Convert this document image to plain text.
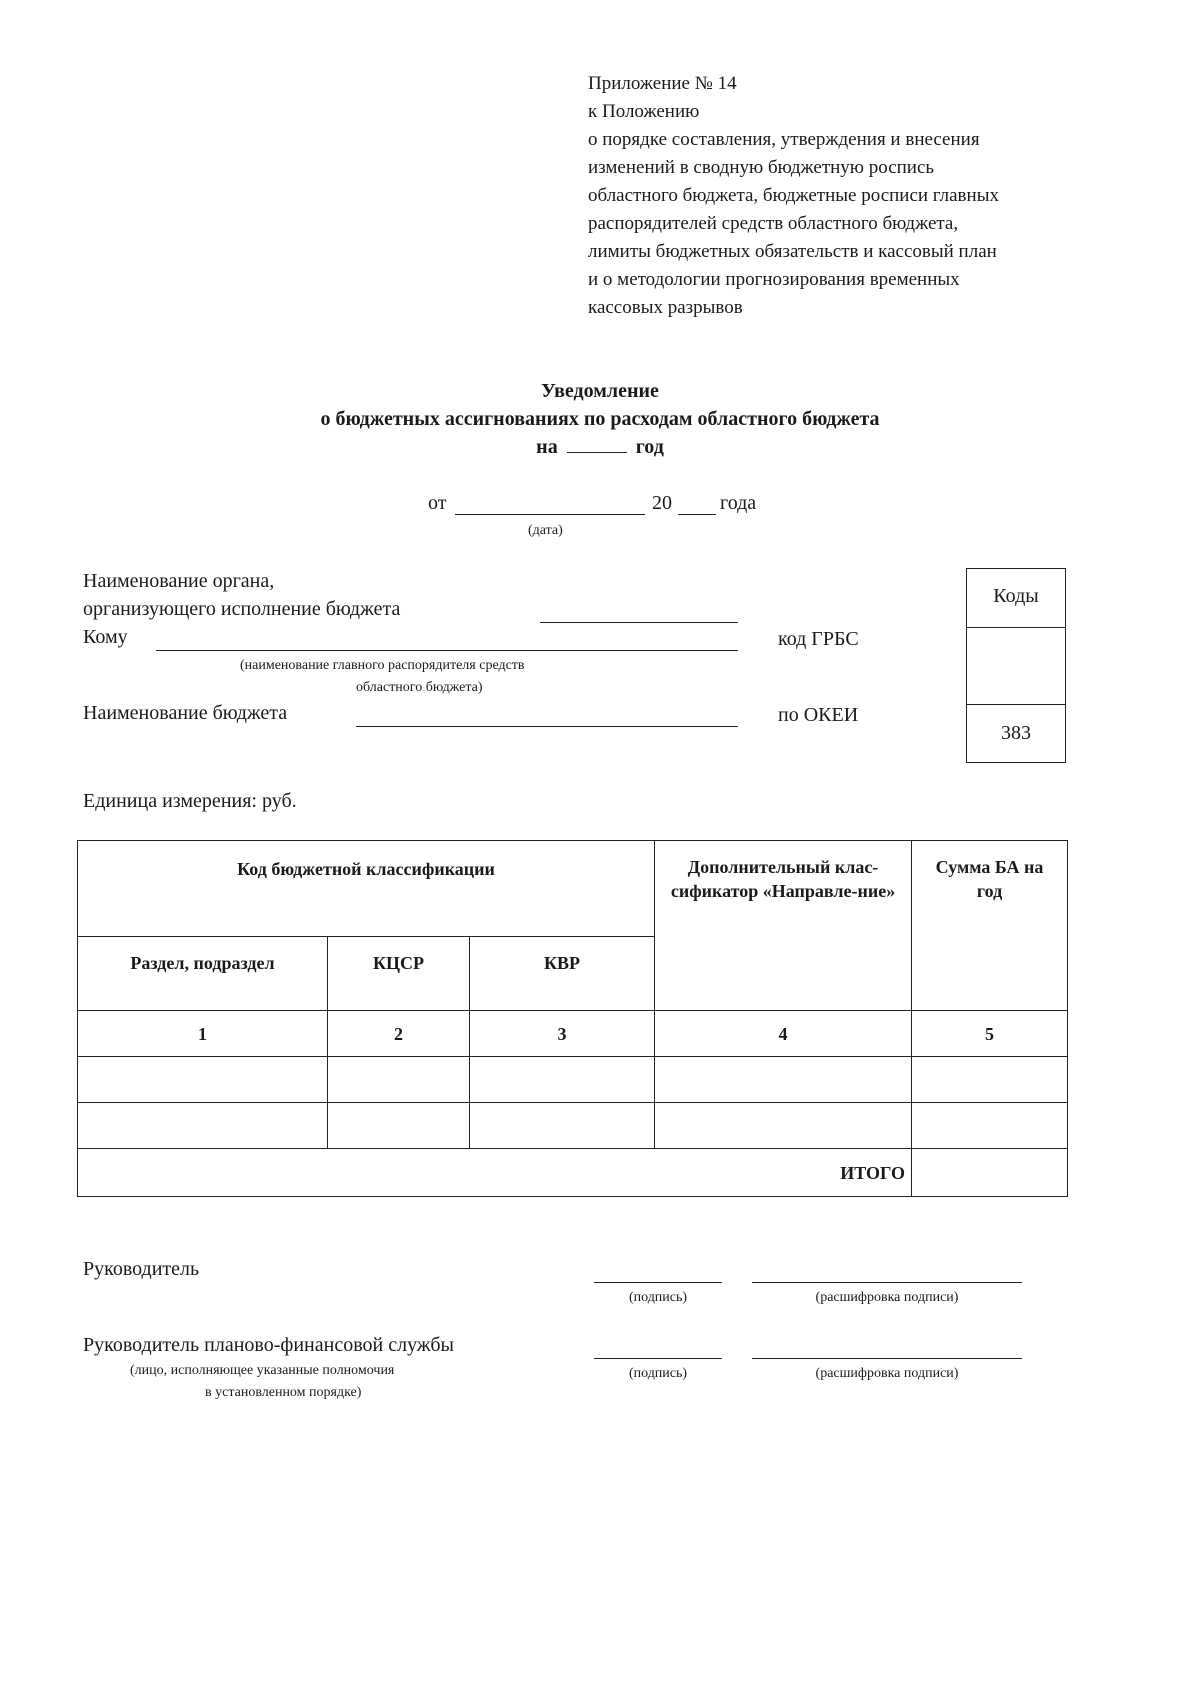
Приложение № 14
к Положению
о порядке составления, утверждения и внесения
изменений в сводную бюджетную роспись
областного бюджета, бюджетные росписи главных
распорядителей средств областного бюджета,
лимиты бюджетных обязательств и кассовый план
и о методологии прогнозирования временных
кассовых разрывов
Уведомление
о бюджетных ассигнованиях по расходам областного бюджета
на	год
от	20 года
(дата)
Наименование органа,
организующего исполнение бюджета
Кому
(наименование главного распорядителя средств
областного бюджета)
Наименование бюджета
код ГРБС
по ОКЕИ
Коды
383
Единица измерения: руб.
Код бюджетной классификации			Дополнительный клас-сификатор «Направле-ние»	Сумма БА на год
Раздел, подраздел	КЦСР	КВР		
1	2	3	4	5

ИТОГО				
Руководитель
(подпись)	(расшифровка подписи)
Руководитель планово-финансовой службы
(лицо, исполняющее указанные полномочия
в установленном порядке)
(подпись)	(расшифровка подписи)
